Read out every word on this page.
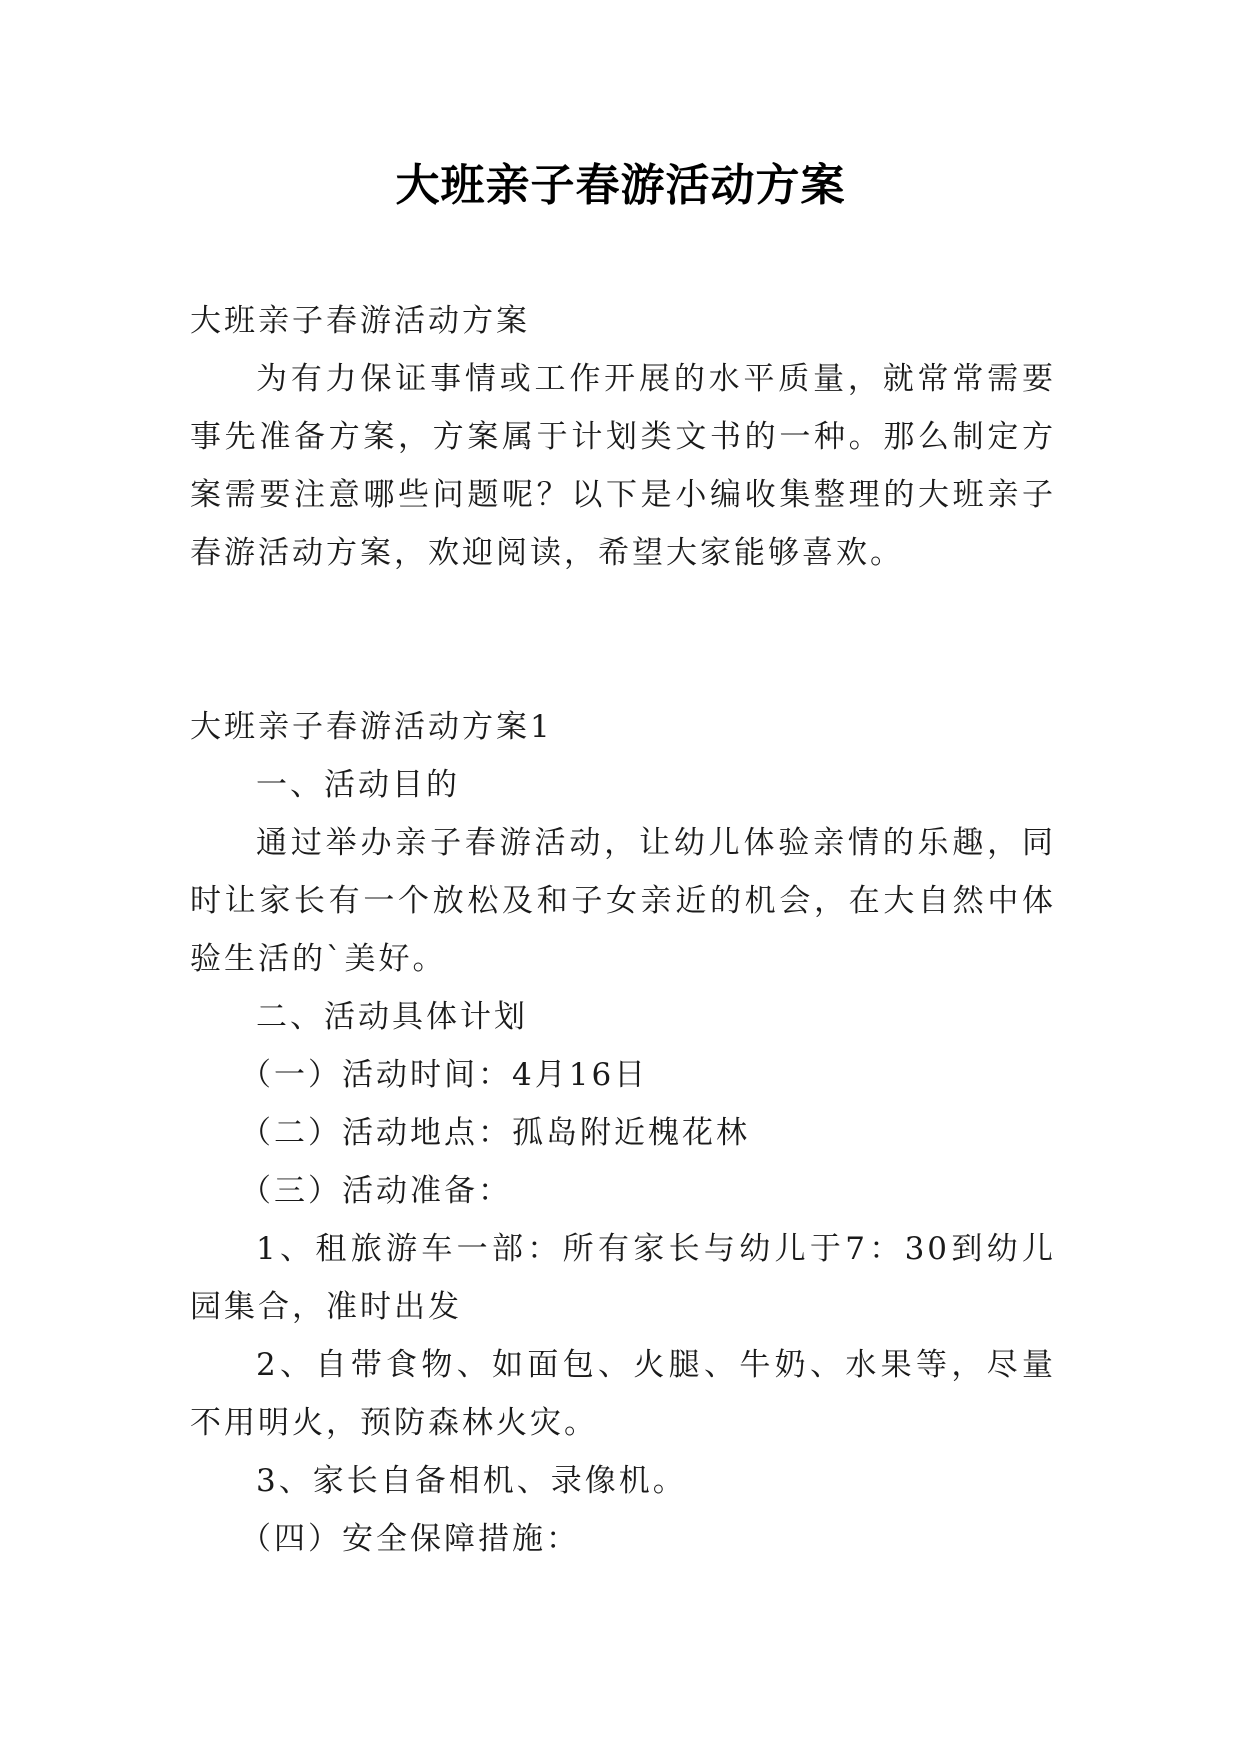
大班亲子春游活动方案

大班亲子春游活动方案

为有力保证事情或工作开展的水平质量，就常常需要事先准备方案，方案属于计划类文书的一种。那么制定方案需要注意哪些问题呢？以下是小编收集整理的大班亲子春游活动方案，欢迎阅读，希望大家能够喜欢。

大班亲子春游活动方案1

一、活动目的

通过举办亲子春游活动，让幼儿体验亲情的乐趣，同时让家长有一个放松及和子女亲近的机会，在大自然中体验生活的`美好。

二、活动具体计划

（一）活动时间：4月16日

（二）活动地点：孤岛附近槐花林

（三）活动准备：

1、租旅游车一部：所有家长与幼儿于7：30到幼儿园集合，准时出发

2、自带食物、如面包、火腿、牛奶、水果等，尽量不用明火，预防森林火灾。

3、家长自备相机、录像机。

（四）安全保障措施：
